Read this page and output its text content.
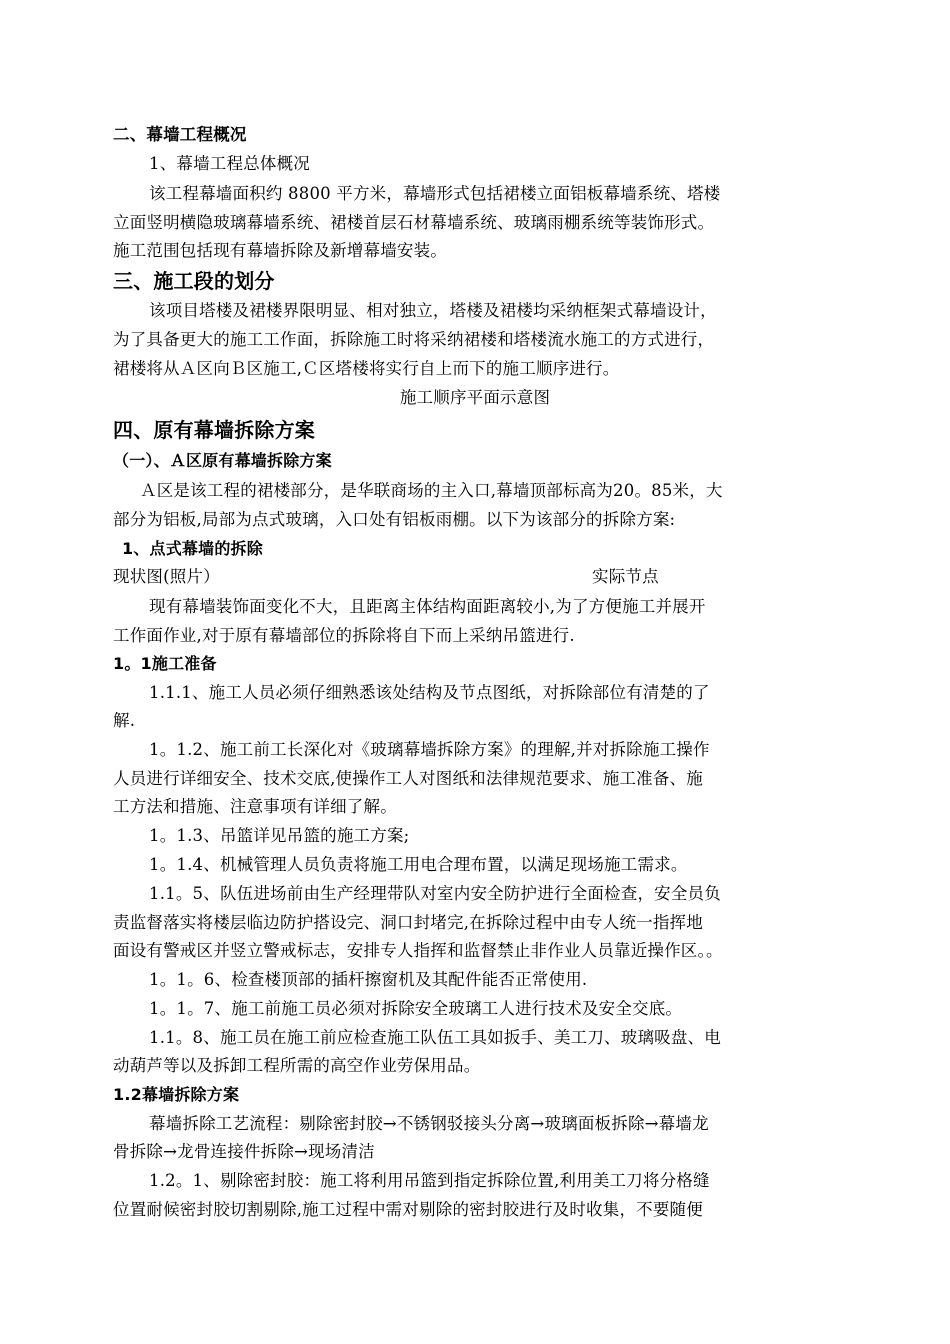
二、幕墙工程概况
1、幕墙工程总体概况
该工程幕墙面积约 8800 平方米，幕墙形式包括裙楼立面铝板幕墙系统、塔楼
立面竖明横隐玻璃幕墙系统、裙楼首层石材幕墙系统、玻璃雨棚系统等装饰形式。
施工范围包括现有幕墙拆除及新增幕墙安装。
三、施工段的划分
该项目塔楼及裙楼界限明显、相对独立，塔楼及裙楼均采纳框架式幕墙设计，
为了具备更大的施工工作面，拆除施工时将采纳裙楼和塔楼流水施工的方式进行，
裙楼将从Ａ区向Ｂ区施工,Ｃ区塔楼将实行自上而下的施工顺序进行。
施工顺序平面示意图
四、原有幕墙拆除方案
（一）、Ａ区原有幕墙拆除方案
Ａ区是该工程的裙楼部分，是华联商场的主入口,幕墙顶部标高为20。85米，大
部分为铝板,局部为点式玻璃，入口处有铝板雨棚。以下为该部分的拆除方案:
1、点式幕墙的拆除
现状图(照片）	实际节点
现有幕墙装饰面变化不大，且距离主体结构面距离较小,为了方便施工并展开
工作面作业,对于原有幕墙部位的拆除将自下而上采纳吊篮进行.
1。1施工准备
1.1.1、施工人员必须仔细熟悉该处结构及节点图纸，对拆除部位有清楚的了
解.
1。1.2、施工前工长深化对《玻璃幕墙拆除方案》的理解,并对拆除施工操作
人员进行详细安全、技术交底,使操作工人对图纸和法律规范要求、施工准备、施
工方法和措施、注意事项有详细了解。
1。1.3、吊篮详见吊篮的施工方案;
1。1.4、机械管理人员负责将施工用电合理布置，以满足现场施工需求。
1.1。5、队伍进场前由生产经理带队对室内安全防护进行全面检查，安全员负
责监督落实将楼层临边防护搭设完、洞口封堵完,在拆除过程中由专人统一指挥地
面设有警戒区并竖立警戒标志，安排专人指挥和监督禁止非作业人员靠近操作区。。
1。1。6、检查楼顶部的插杆擦窗机及其配件能否正常使用.
1。1。7、施工前施工员必须对拆除安全玻璃工人进行技术及安全交底。
1.1。8、施工员在施工前应检查施工队伍工具如扳手、美工刀、玻璃吸盘、电
动葫芦等以及拆卸工程所需的高空作业劳保用品。
1.2幕墙拆除方案
幕墙拆除工艺流程：剔除密封胶→不锈钢驳接头分离→玻璃面板拆除→幕墙龙
骨拆除→龙骨连接件拆除→现场清洁
1.2。1、剔除密封胶：施工将利用吊篮到指定拆除位置,利用美工刀将分格缝
位置耐候密封胶切割剔除,施工过程中需对剔除的密封胶进行及时收集，不要随便
